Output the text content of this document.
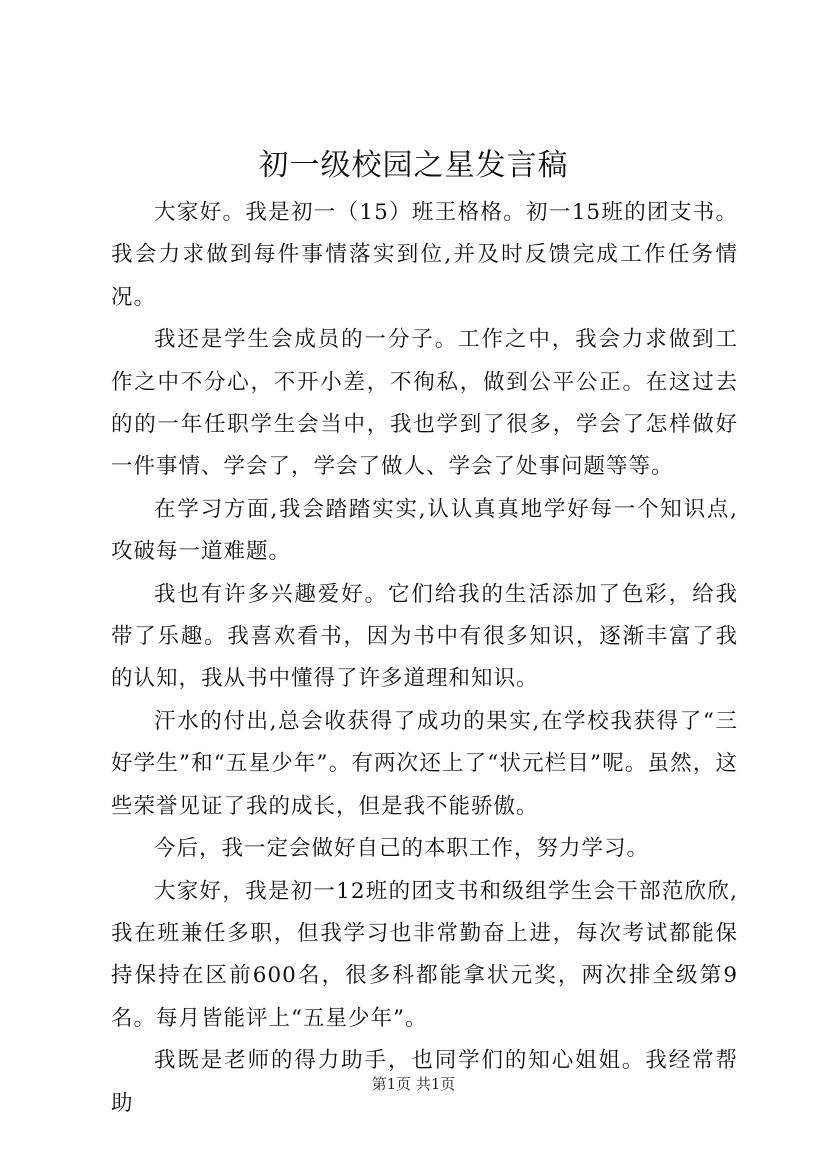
初一级校园之星发言稿

大家好。我是初一（15）班王格格。初一15班的团支书。我会力求做到每件事情落实到位,并及时反馈完成工作任务情况。

我还是学生会成员的一分子。工作之中，我会力求做到工作之中不分心，不开小差，不徇私，做到公平公正。在这过去的的一年任职学生会当中，我也学到了很多，学会了怎样做好一件事情、学会了，学会了做人、学会了处事问题等等。

在学习方面,我会踏踏实实,认认真真地学好每一个知识点,攻破每一道难题。

我也有许多兴趣爱好。它们给我的生活添加了色彩，给我带了乐趣。我喜欢看书，因为书中有很多知识，逐渐丰富了我的认知，我从书中懂得了许多道理和知识。

汗水的付出,总会收获得了成功的果实,在学校我获得了“三好学生”和“五星少年”。有两次还上了“状元栏目”呢。虽然，这些荣誉见证了我的成长，但是我不能骄傲。

今后，我一定会做好自己的本职工作，努力学习。

大家好，我是初一12班的团支书和级组学生会干部范欣欣,我在班兼任多职，但我学习也非常勤奋上进，每次考试都能保持保持在区前600名，很多科都能拿状元奖，两次排全级第9名。每月皆能评上“五星少年”。

我既是老师的得力助手，也同学们的知心姐姐。我经常帮助

第1页 共1页
